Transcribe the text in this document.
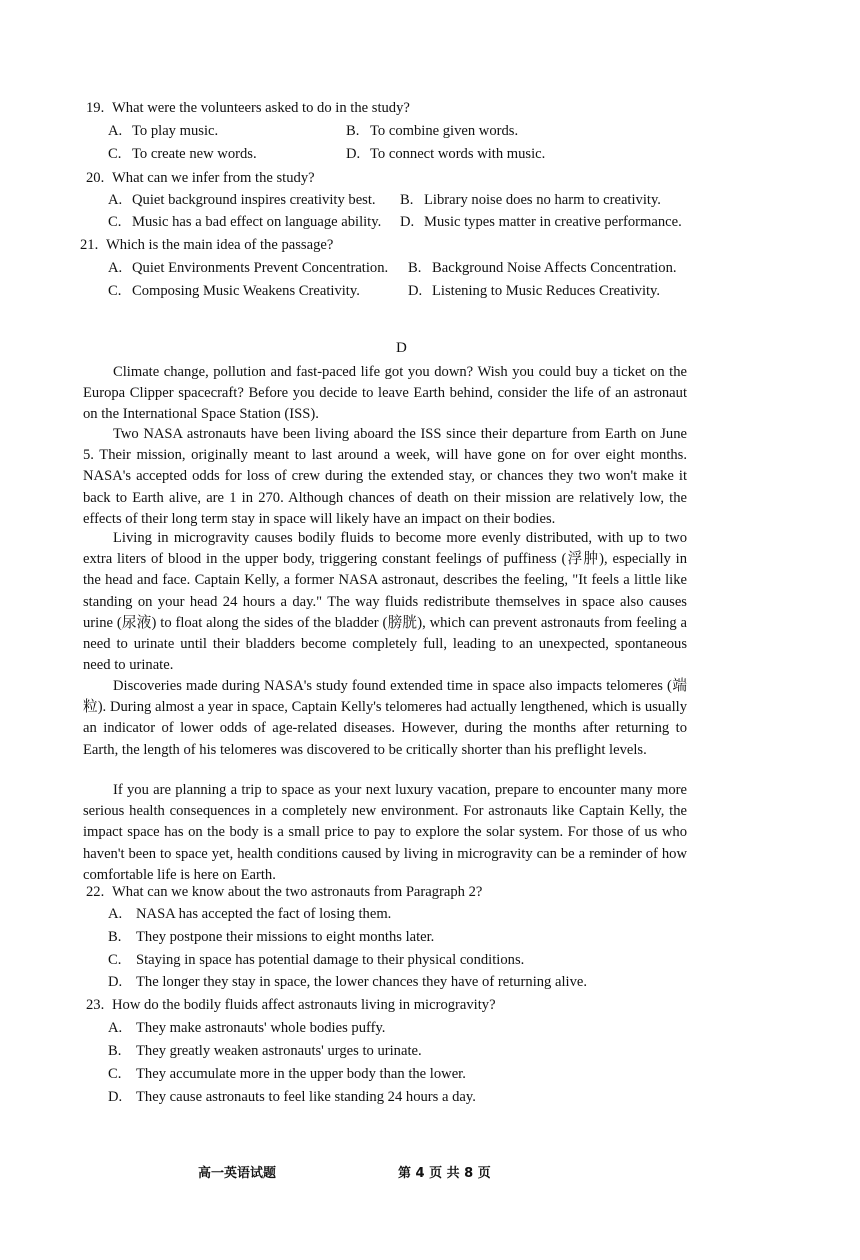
19. What were the volunteers asked to do in the study?
A. To play music.	B. To combine given words.
C. To create new words.	D. To connect words with music.
20. What can we infer from the study?
A. Quiet background inspires creativity best. B. Library noise does no harm to creativity.
C. Music has a bad effect on language ability. D. Music types matter in creative performance.
21. Which is the main idea of the passage?
A. Quiet Environments Prevent Concentration. B. Background Noise Affects Concentration.
C. Composing Music Weakens Creativity.	D. Listening to Music Reduces Creativity.
D
Climate change, pollution and fast-paced life got you down? Wish you could buy a ticket on the Europa Clipper spacecraft? Before you decide to leave Earth behind, consider the life of an astronaut on the International Space Station (ISS).
Two NASA astronauts have been living aboard the ISS since their departure from Earth on June 5. Their mission, originally meant to last around a week, will have gone on for over eight months. NASA's accepted odds for loss of crew during the extended stay, or chances they two won't make it back to Earth alive, are 1 in 270. Although chances of death on their mission are relatively low, the effects of their long term stay in space will likely have an impact on their bodies.
Living in microgravity causes bodily fluids to become more evenly distributed, with up to two extra liters of blood in the upper body, triggering constant feelings of puffiness (浮肿), especially in the head and face. Captain Kelly, a former NASA astronaut, describes the feeling, "It feels a little like standing on your head 24 hours a day." The way fluids redistribute themselves in space also causes urine (尿液) to float along the sides of the bladder (膀胱), which can prevent astronauts from feeling a need to urinate until their bladders become completely full, leading to an unexpected, spontaneous need to urinate.
Discoveries made during NASA's study found extended time in space also impacts telomeres (端粒). During almost a year in space, Captain Kelly's telomeres had actually lengthened, which is usually an indicator of lower odds of age-related diseases. However, during the months after returning to Earth, the length of his telomeres was discovered to be critically shorter than his preflight levels.
If you are planning a trip to space as your next luxury vacation, prepare to encounter many more serious health consequences in a completely new environment. For astronauts like Captain Kelly, the impact space has on the body is a small price to pay to explore the solar system. For those of us who haven't been to space yet, health conditions caused by living in microgravity can be a reminder of how comfortable life is here on Earth.
22. What can we know about the two astronauts from Paragraph 2?
A. NASA has accepted the fact of losing them.
B. They postpone their missions to eight months later.
C. Staying in space has potential damage to their physical conditions.
D. The longer they stay in space, the lower chances they have of returning alive.
23. How do the bodily fluids affect astronauts living in microgravity?
A. They make astronauts' whole bodies puffy.
B. They greatly weaken astronauts' urges to urinate.
C. They accumulate more in the upper body than the lower.
D. They cause astronauts to feel like standing 24 hours a day.
高一英语试题	第 4 页 共 8 页
